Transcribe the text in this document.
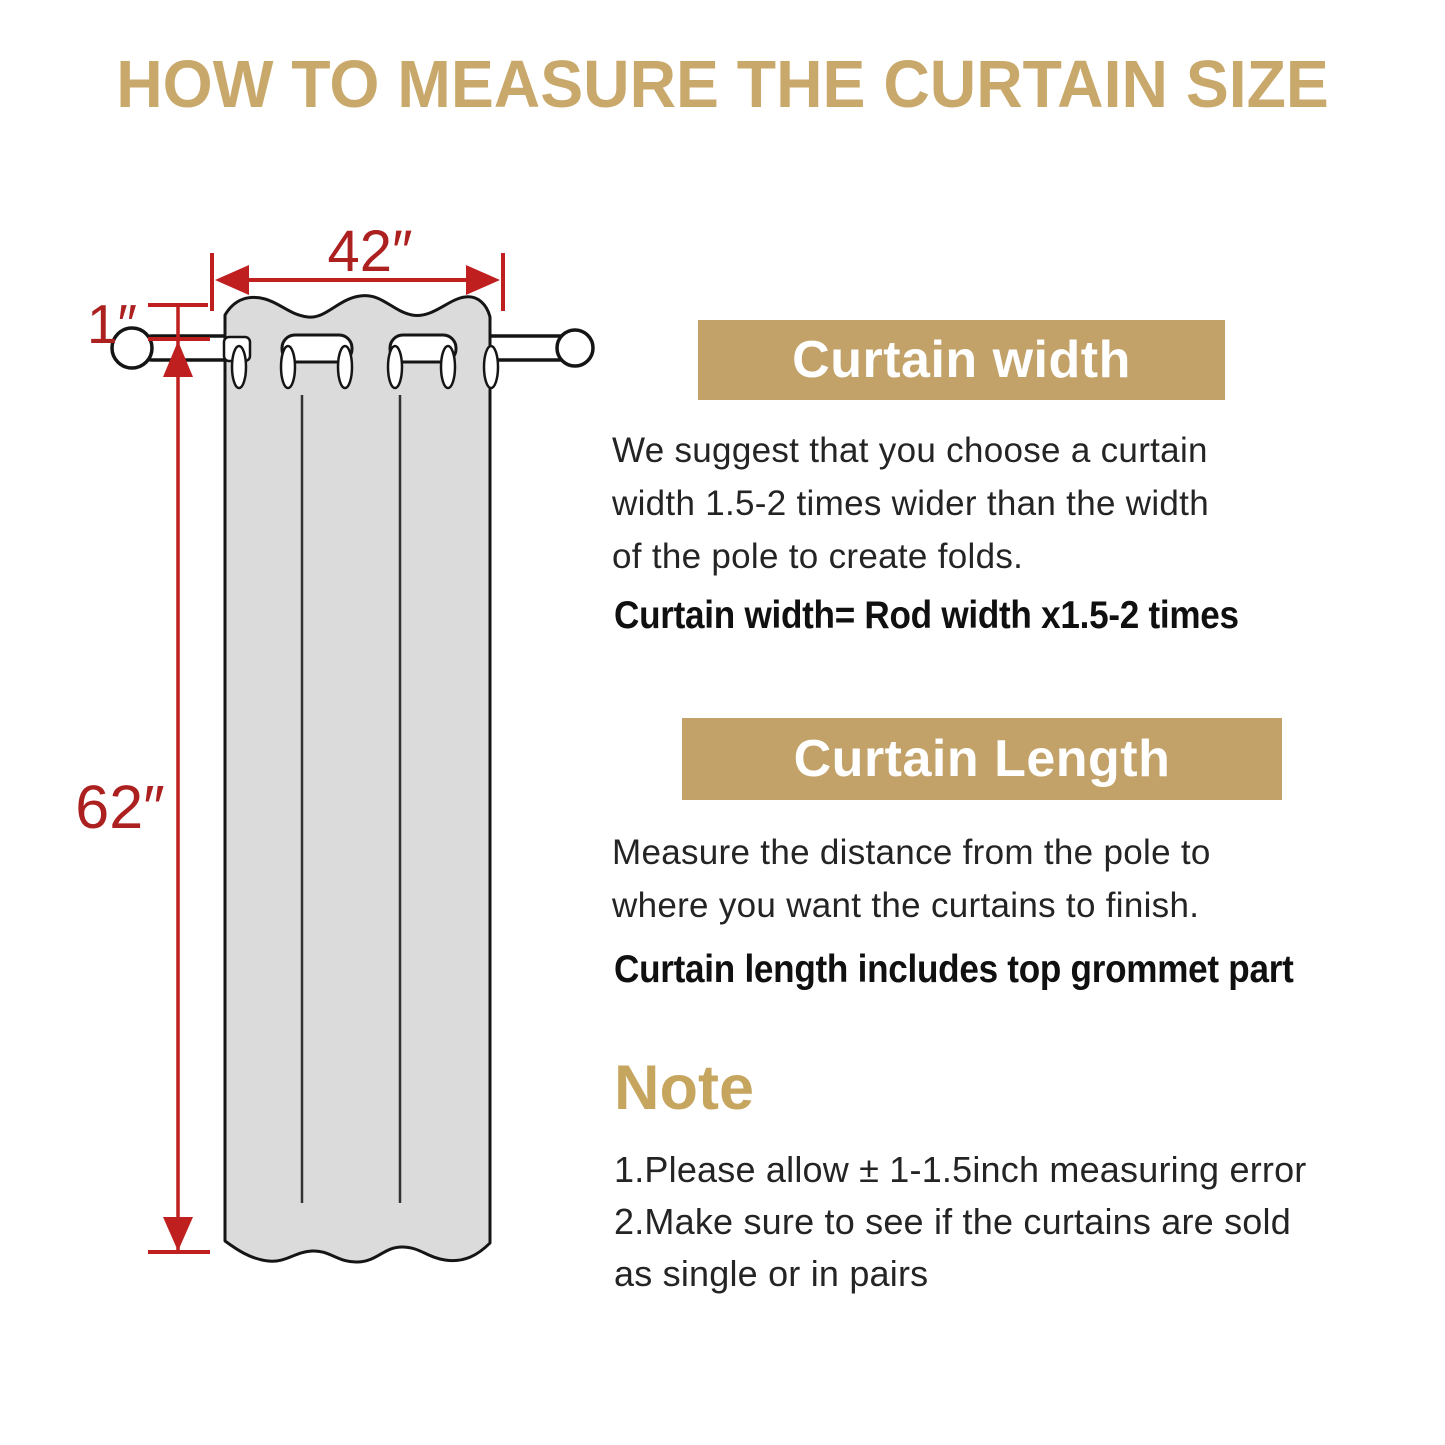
HOW TO MEASURE THE CURTAIN SIZE
42″
1″
62″
Curtain width
We suggest that you choose a curtain
width 1.5-2 times wider than the width
of the pole to create folds.
Curtain width= Rod width x1.5-2 times
Curtain Length
Measure the distance from the pole to
where you want the curtains to finish.
Curtain length includes top grommet part
Note
1.Please allow ± 1-1.5inch measuring error
2.Make sure to see if the curtains are sold
as single or in pairs
